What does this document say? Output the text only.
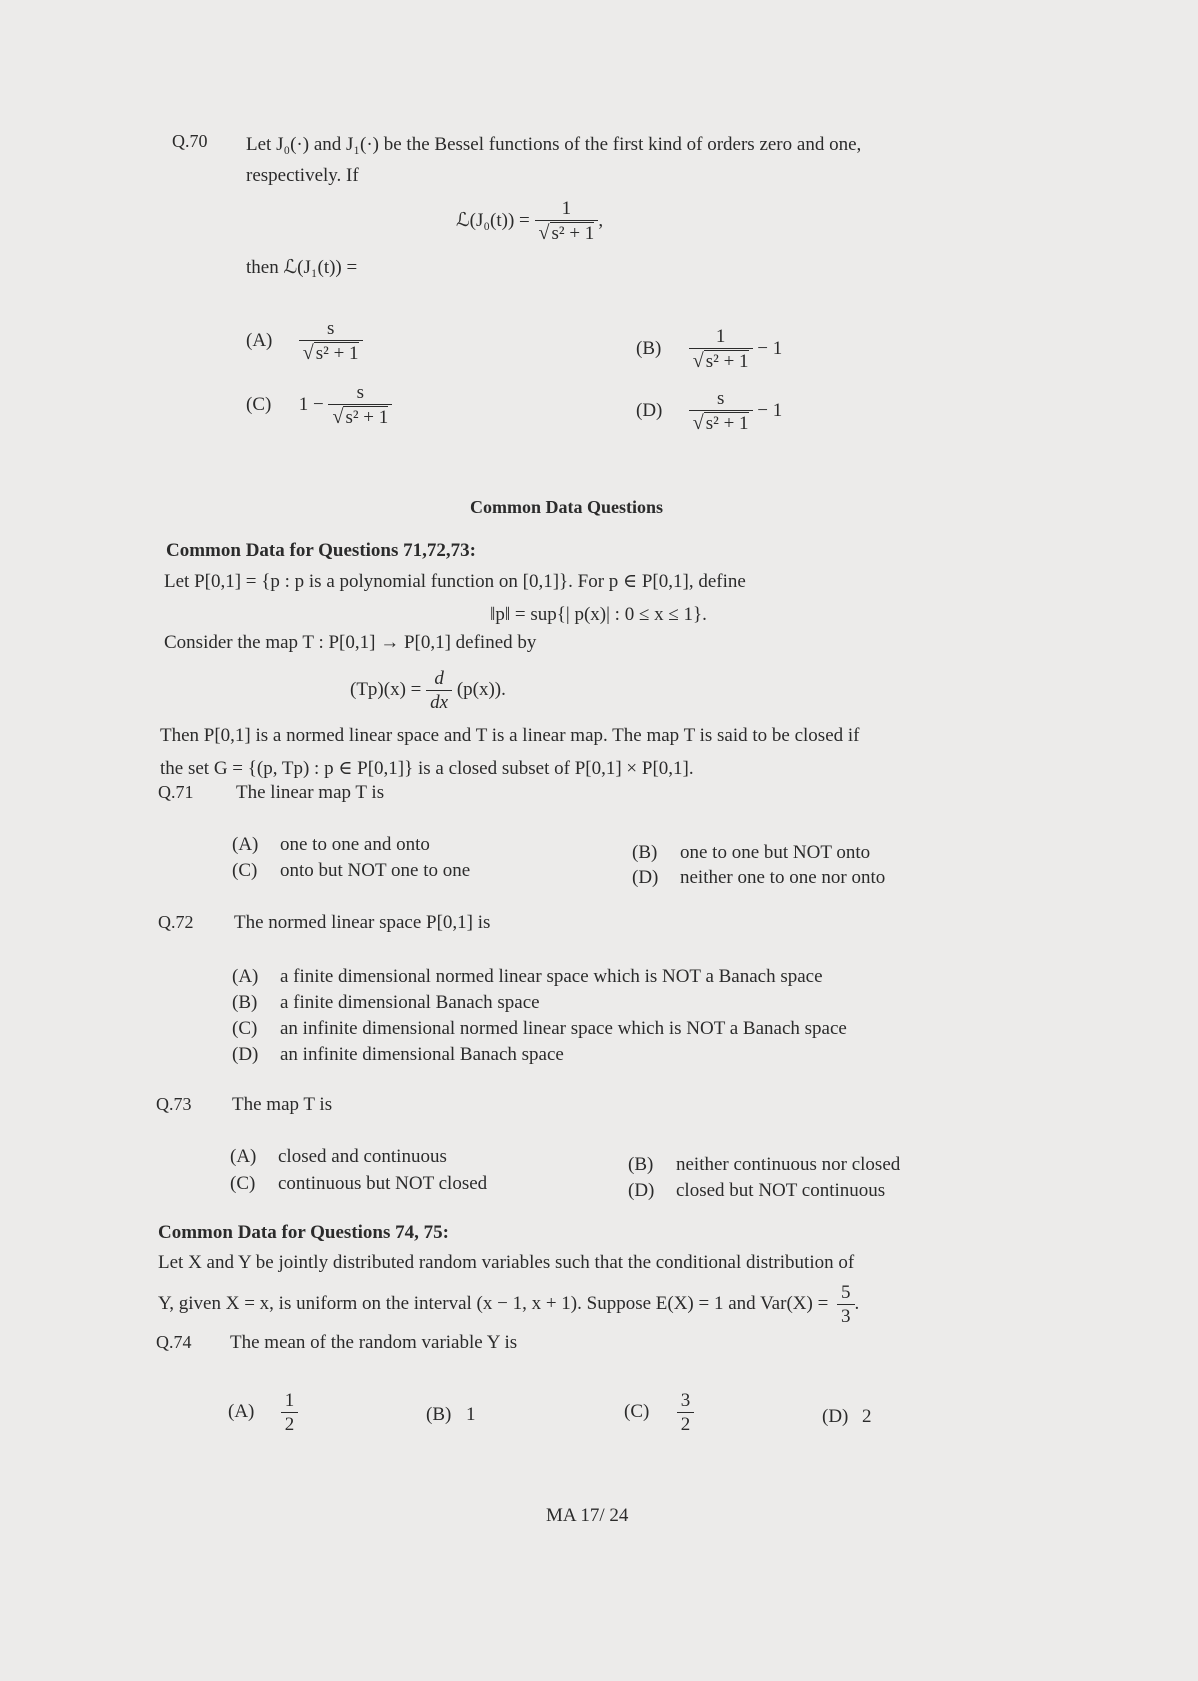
Q.70 Let J₀(·) and J₁(·) be the Bessel functions of the first kind of orders zero and one,
respectively. If
ℒ(J₀(t)) = $\frac{1}{\text{√ s² + 1}}$ ,
then ℒ(J₁(t)) =
$(A) \frac{s}{\text{√ s² + 1}}$	$(B) \frac{1}{\text{√ s² + 1}} - 1$
(C) $1 - \frac{s}{\text{√ s² + 1}}$	$(D) \frac{s}{\text{√ s² + 1}} - 1$
Common Data Questions
Common Data for Questions 71,72,73:
Let P[0,1] = {p : p is a polynomial function on [0,1]}. For p ∈ P[0,1], define
‖p‖ = sup{| p(x)| : 0 ≤ x ≤ 1}.
Consider the map T : P[0,1] → P[0,1] defined by
$(Tp)(x) = \frac{d}{dx} (p(x))$.
Then P[0,1] is a normed linear space and T is a linear map. The map T is said to be closed if
the set G = {(p, Tp) : p ∈ P[0,1]} is a closed subset of P[0,1] × P[0,1].
Q.71 The linear map T is
(A) one to one and onto	(B) one to one but NOT onto
(C) onto but NOT one to one	(D) neither one to one nor onto
Q.72 The normed linear space P[0,1] is
(A) a finite dimensional normed linear space which is NOT a Banach space
(B) a finite dimensional Banach space
(C) an infinite dimensional normed linear space which is NOT a Banach space
(D) an infinite dimensional Banach space
Q.73 The map T is
(A) closed and continuous	(B) neither continuous nor closed
(C) continuous but NOT closed	(D) closed but NOT continuous
Common Data for Questions 74, 75:
Let X and Y be jointly distributed random variables such that the conditional distribution of
Y, given X = x, is uniform on the interval (x − 1, x + 1). Suppose E(X) = 1 and $Var(X) = \frac{5}{3}$ .
Q.74 The mean of the random variable Y is
$(A) \frac{1}{2}$	(B) 1	$(C) \frac{3}{2}$	(D) 2
MA 17/ 24
